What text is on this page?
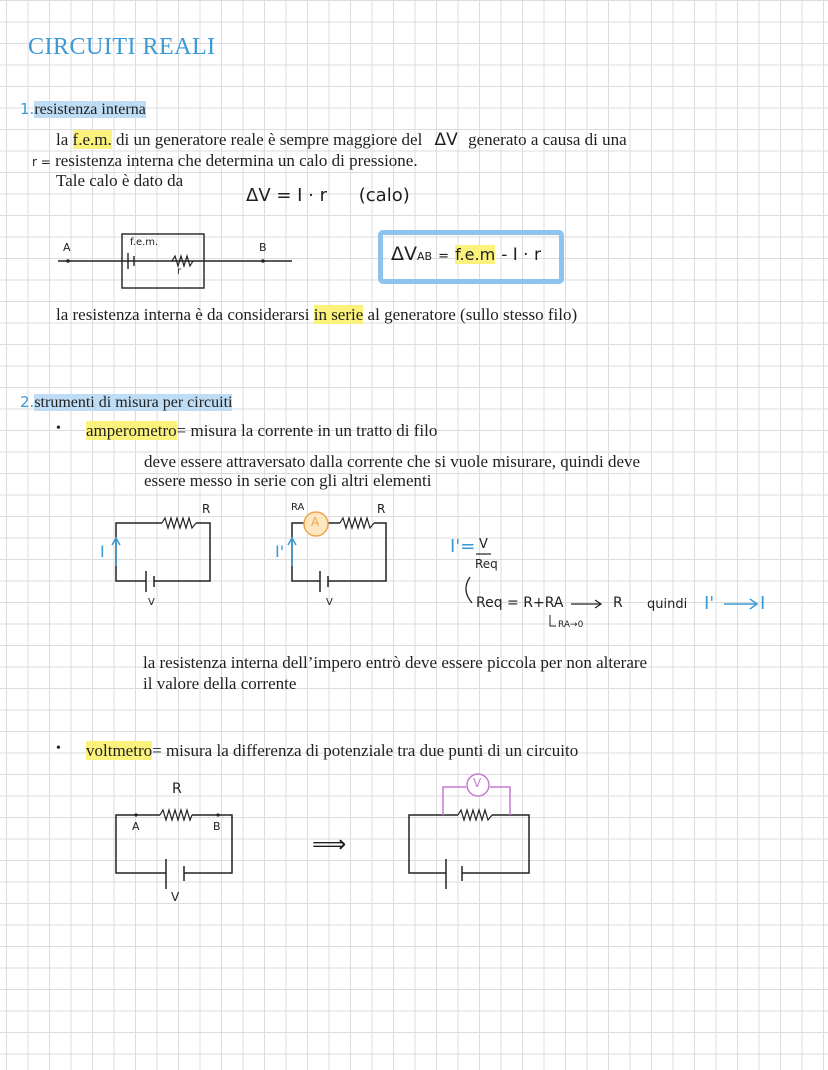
CIRCUITI REALI
1.resistenza interna
la f.e.m. di un generatore reale è sempre maggiore del ΔV generato a causa di una
r = resistenza interna che determina un calo di pressione.
Tale calo è dato da
ΔV = I · r (calo)
A	B
f.e.m.
r
ΔVAB = f.e.m - I · r
la resistenza interna è da considerarsi in serie al generatore (sullo stesso filo)
2.strumenti di misura per circuiti
• amperometro= misura la corrente in un tratto di filo
deve essere attraversato dalla corrente che si vuole misurare, quindi deve
essere messo in serie con gli altri elementi
R
I
V
RA
A
R
I'
V
I'= V
Req
Req = R+RA	R quindi I'	I
RA→0
la resistenza interna dell’impero entrò deve essere piccola per non alterare
il valore della corrente
• voltmetro= misura la differenza di potenziale tra due punti di un circuito
R
A	B
V
⟹
V
